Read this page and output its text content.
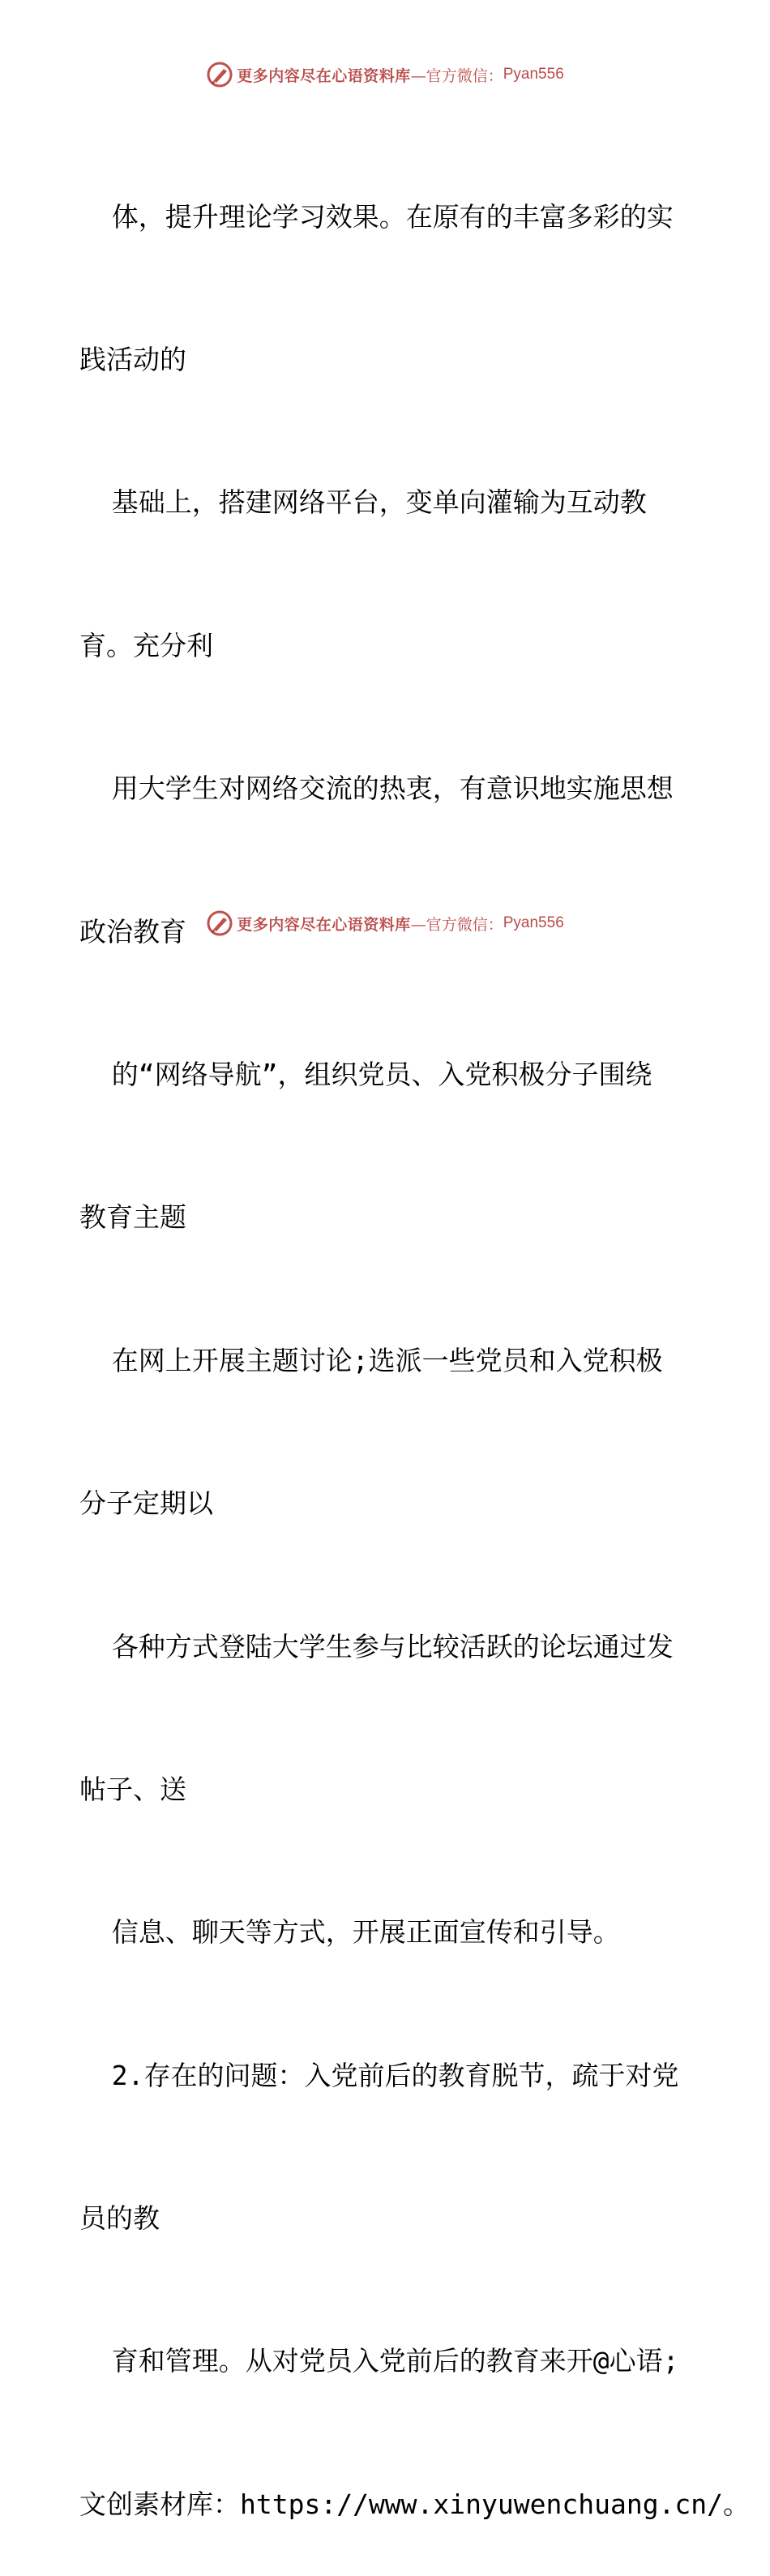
更多内容尽在心语资料库 —官方微信： Pyan556

体，提升理论学习效果。在原有的丰富多彩的实

践活动的

基础上，搭建网络平台，变单向灌输为互动教

育。充分利

用大学生对网络交流的热衷，有意识地实施思想

政治教育

的“网络导航”，组织党员、入党积极分子围绕

教育主题

在网上开展主题讨论;选派一些党员和入党积极

分子定期以

各种方式登陆大学生参与比较活跃的论坛通过发

帖子、送

信息、聊天等方式，开展正面宣传和引导。

2.存在的问题：入党前后的教育脱节，疏于对党

员的教

育和管理。从对党员入党前后的教育来开@心语;

文创素材库：https://www.xinyuwenchuang.cn/。

更多内容尽在心语资料库 —官方微信： Pyan556
